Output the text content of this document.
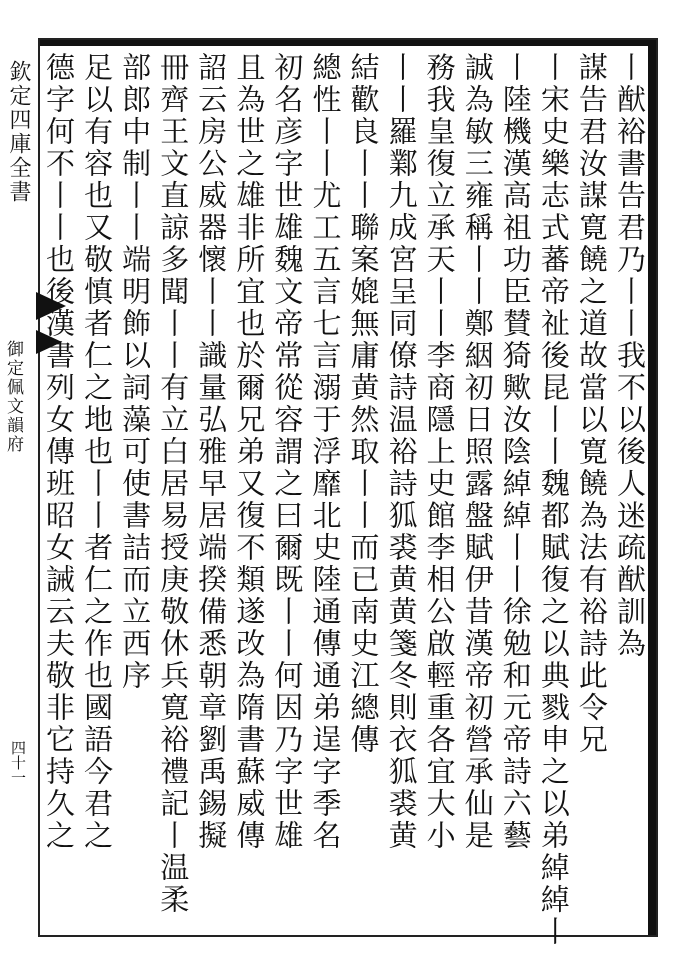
欽定四庫全書
御定佩文韻府
四十一
丨猷裕書告君乃丨丨我不以後人迷疏猷訓為
謀告君汝謀寛饒之道故當以寛饒為法有裕詩此令兄
丨宋史樂志式蕃帝祉後昆丨丨魏都賦復之以典戮申之以弟綽綽丨
丨陸機漢高祖功臣賛猗歟汝陰綽綽丨丨徐勉和元帝詩六藝
誠為敏三雍稱丨丨鄭絪初日照露盤賦伊昔漢帝初營承仙是
務我皇復立承天丨丨李商隱上史館李相公啟輕重各宜大小
丨丨羅鄴九成宮呈同僚詩温裕詩狐裘黄黄箋冬則衣狐裘黄
結歡良丨丨聯案媲無庸黄然取丨丨而已南史江總傳
總性丨丨尤工五言七言溺于浮靡北史陸通傳通弟逞字季名
初名彦字世雄魏文帝常從容謂之曰爾既丨丨何因乃字世雄
且為世之雄非所宜也於爾兄弟又復不類遂改為隋書蘇威傳
詔云房公威器懷丨丨識量弘雅早居端揆備悉朝章劉禹錫擬
冊齊王文直諒多聞丨丨有立白居易授庚敬休兵寛裕禮記丨温柔
部郎中制丨丨端明飾以詞藻可使書詰而立西序
足以有容也又敬慎者仁之地也丨丨者仁之作也國語今君之
德字何不丨丨也後漢書列女傳班昭女誡云夫敬非它持久之
